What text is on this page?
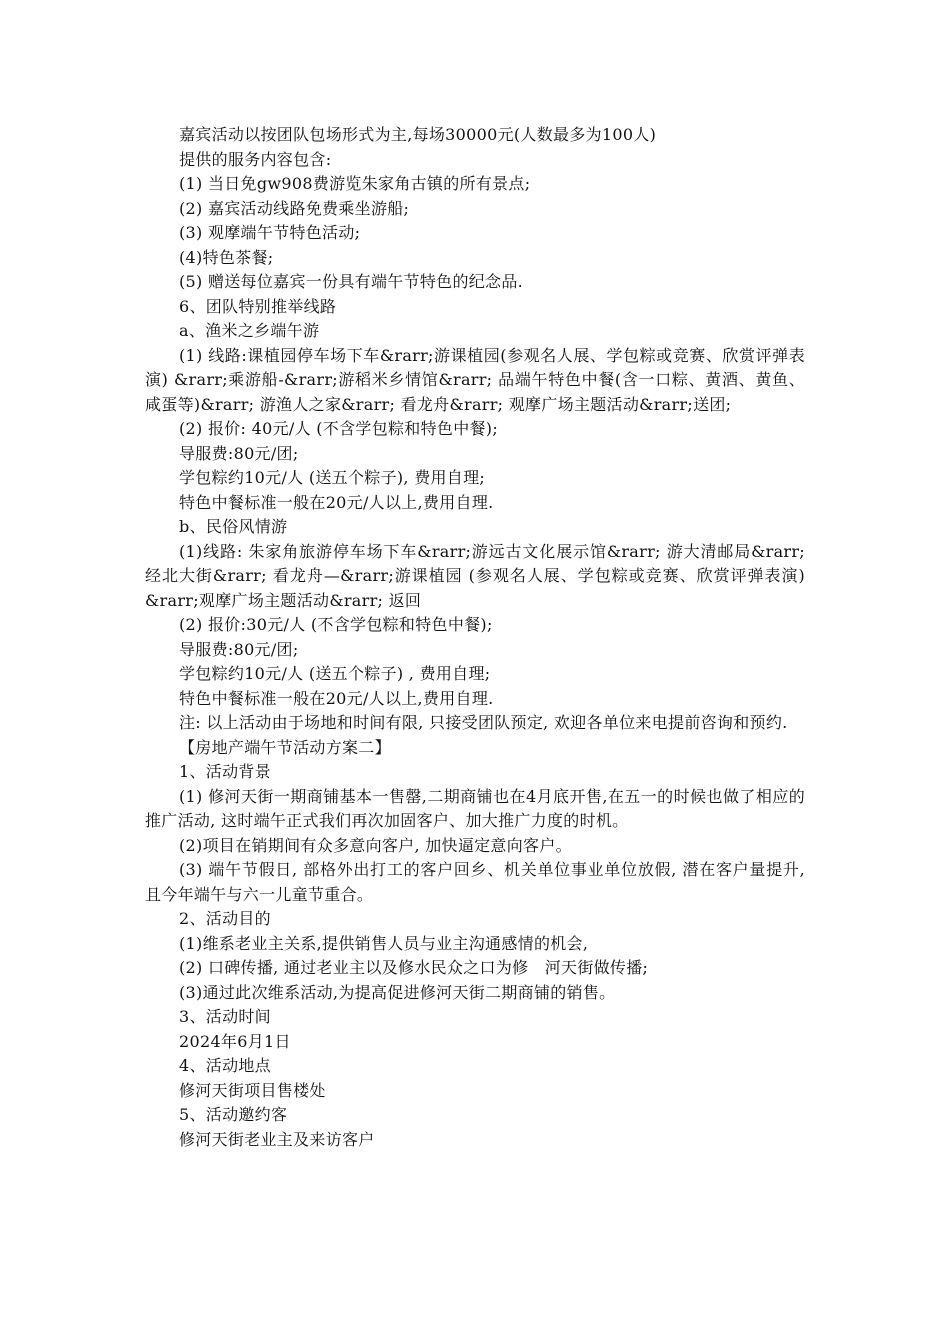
嘉宾活动以按团队包场形式为主,每场30000元(人数最多为100人)
提供的服务内容包含:
(1) 当日免gw908费游览朱家角古镇的所有景点;
(2) 嘉宾活动线路免费乘坐游船;
(3) 观摩端午节特色活动;
(4)特色茶餐;
(5) 赠送每位嘉宾一份具有端午节特色的纪念品.
6、团队特别推举线路
a、渔米之乡端午游
(1) 线路:课植园停车场下车&rarr;游课植园(参观名人展、学包粽或竞赛、欣赏评弹表演) &rarr;乘游船-&rarr;游稻米乡情馆&rarr; 品端午特色中餐(含一口粽、黄酒、黄鱼、咸蛋等)&rarr; 游渔人之家&rarr; 看龙舟&rarr; 观摩广场主题活动&rarr;送团;
(2) 报价: 40元/人 (不含学包粽和特色中餐);
导服费:80元/团;
学包粽约10元/人 (送五个粽子), 费用自理;
特色中餐标准一般在20元/人以上,费用自理.
b、民俗风情游
(1)线路: 朱家角旅游停车场下车&rarr;游远古文化展示馆&rarr; 游大清邮局&rarr; 经北大街&rarr; 看龙舟—&rarr;游课植园 (参观名人展、学包粽或竞赛、欣赏评弹表演) &rarr;观摩广场主题活动&rarr; 返回
(2) 报价:30元/人 (不含学包粽和特色中餐);
导服费:80元/团;
学包粽约10元/人 (送五个粽子) , 费用自理;
特色中餐标准一般在20元/人以上,费用自理.
注: 以上活动由于场地和时间有限, 只接受团队预定, 欢迎各单位来电提前咨询和预约.
【房地产端午节活动方案二】
1、活动背景
(1) 修河天街一期商铺基本一售罄,二期商铺也在4月底开售,在五一的时候也做了相应的推广活动, 这时端午正式我们再次加固客户、加大推广力度的时机。
(2)项目在销期间有众多意向客户, 加快逼定意向客户。
(3) 端午节假日, 部格外出打工的客户回乡、机关单位事业单位放假, 潜在客户量提升, 且今年端午与六一儿童节重合。
2、活动目的
(1)维系老业主关系,提供销售人员与业主沟通感情的机会,
(2) 口碑传播, 通过老业主以及修水民众之口为修　河天街做传播;
(3)通过此次维系活动,为提高促进修河天街二期商铺的销售。
3、活动时间
2024年6月1日
4、活动地点
修河天街项目售楼处
5、活动邀约客
修河天街老业主及来访客户
